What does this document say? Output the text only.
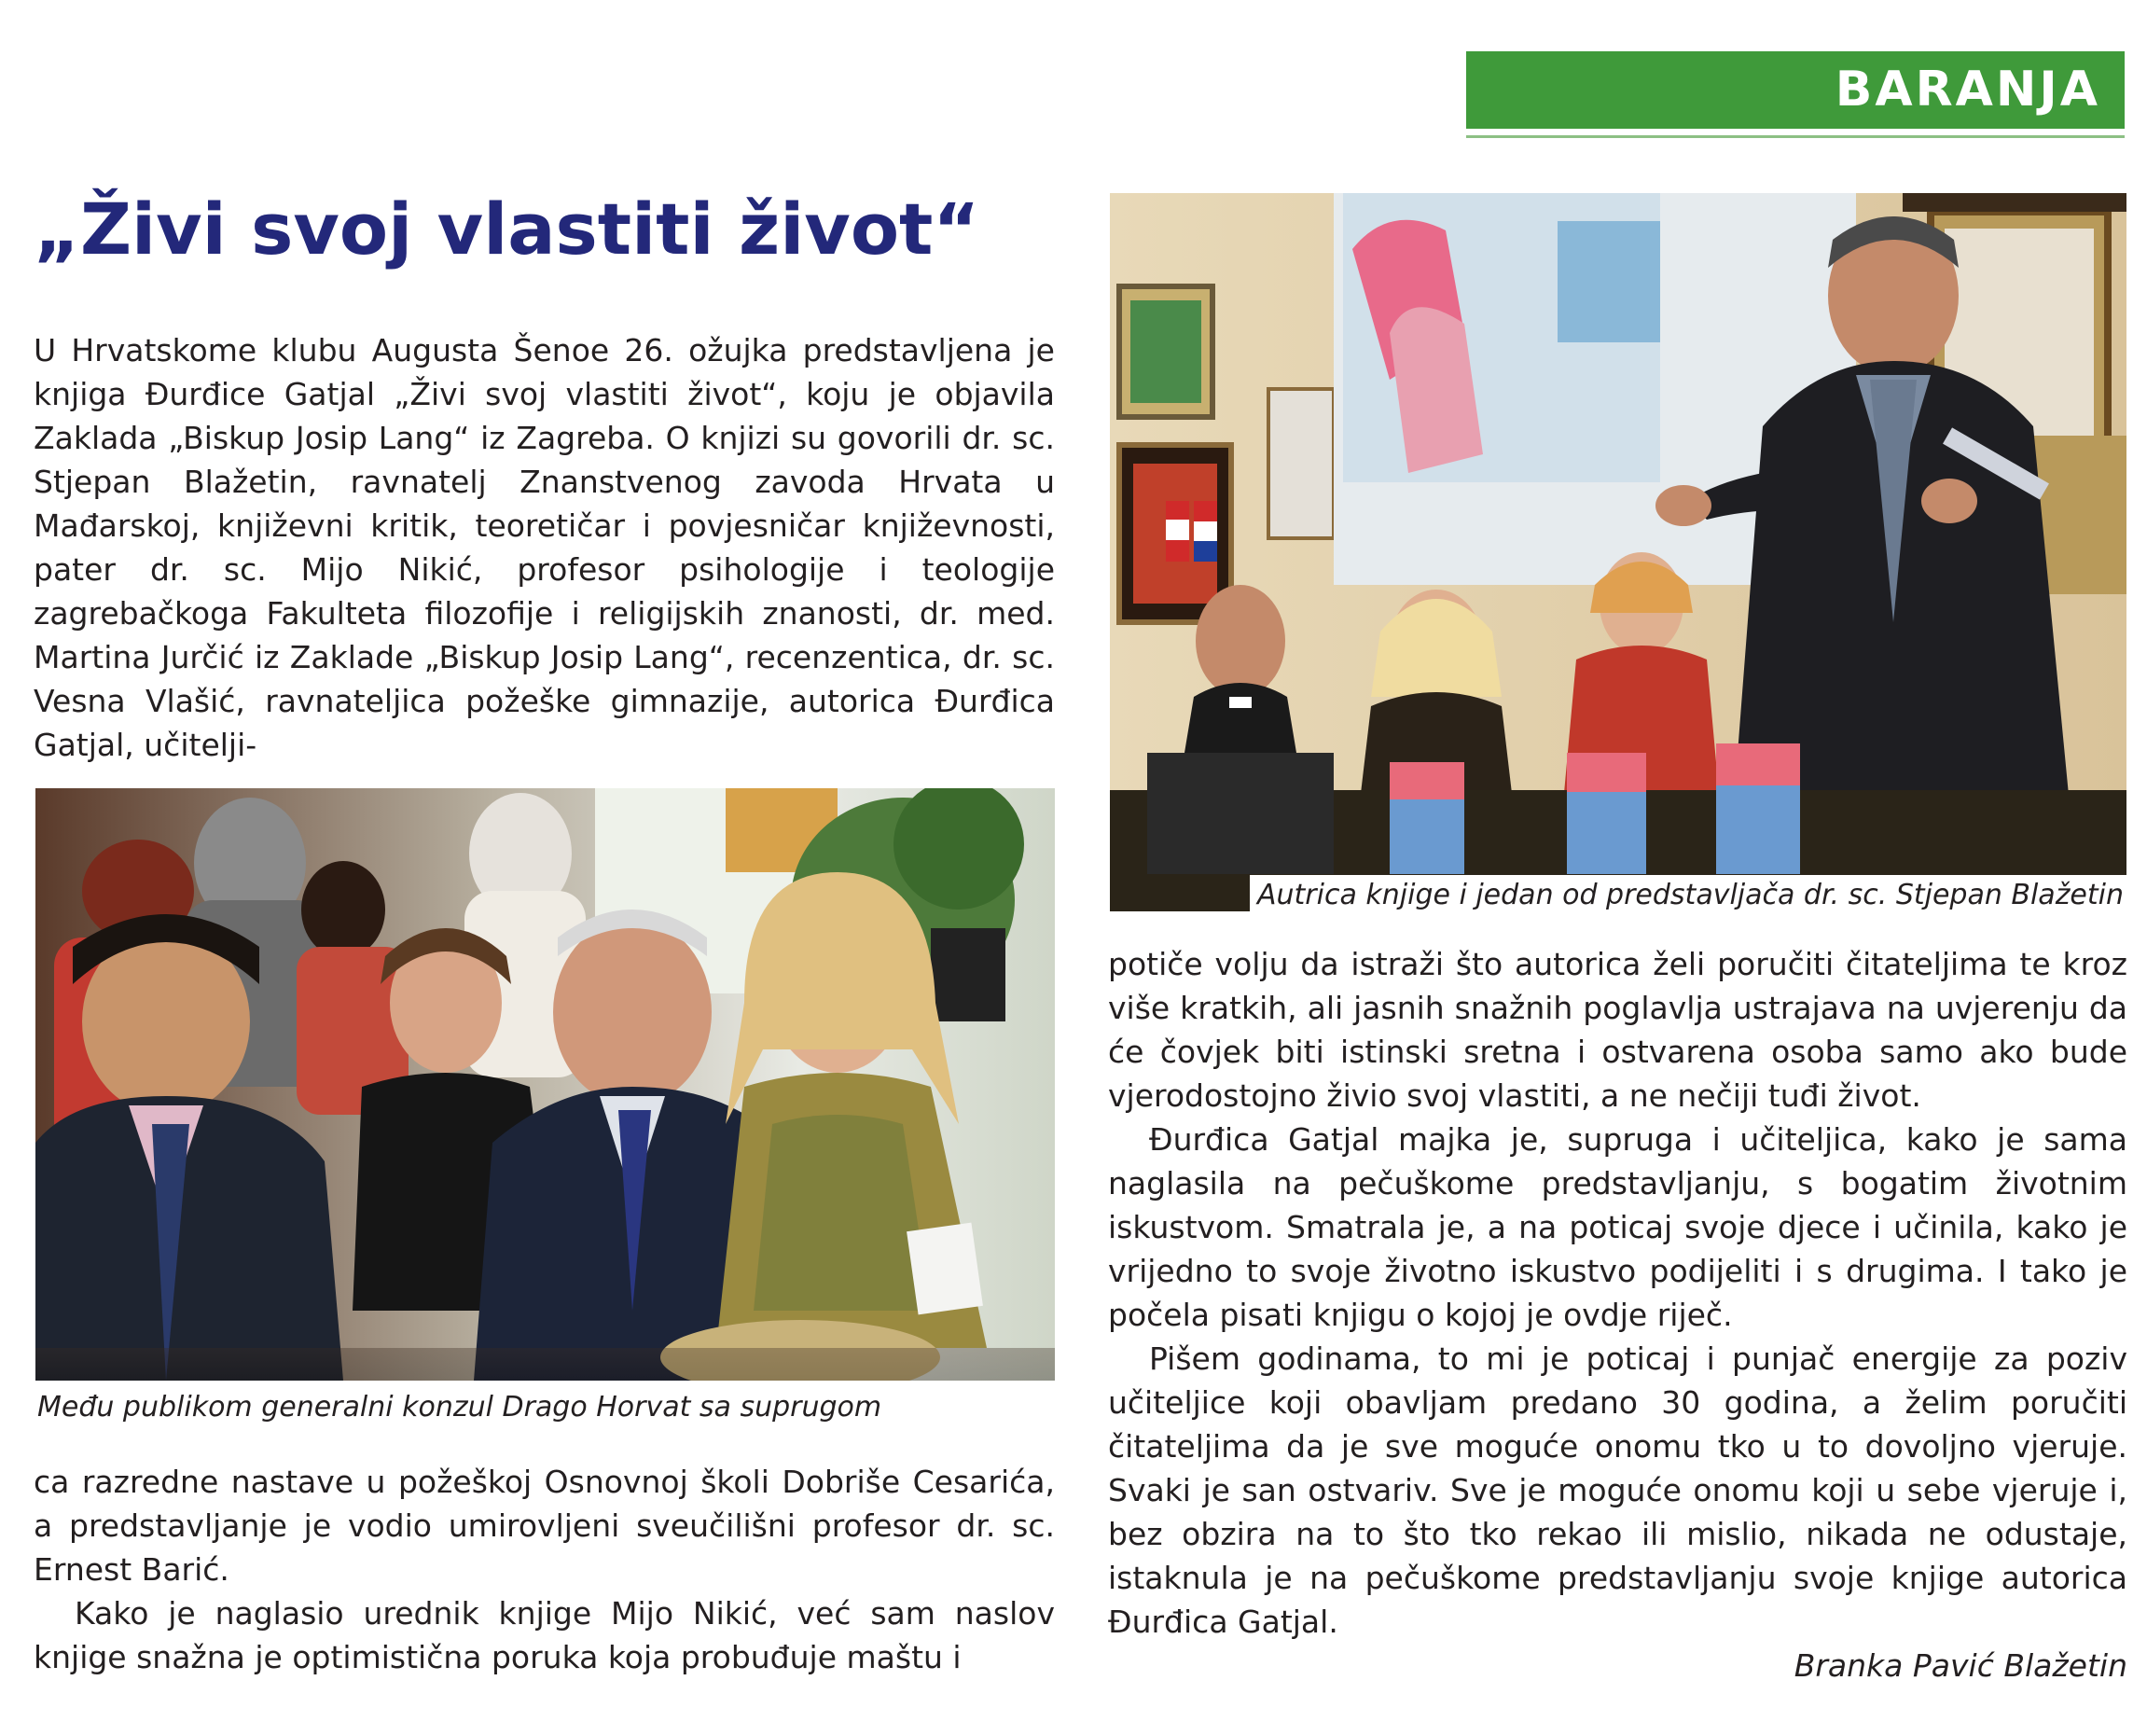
BARANJA
„Živi svoj vlastiti život“

U Hrvatskome klubu Augusta Šenoe 26. ožujka predstavljena je knjiga Đurđice Gatjal „Živi svoj vlastiti život“, koju je objavila Zaklada „Biskup Josip Lang“ iz Zagreba. O knjizi su govorili dr. sc. Stjepan Blažetin, ravnatelj Znanstvenog zavoda Hrvata u Mađarskoj, književni kritik, teoretičar i povjesničar književnosti, pater dr. sc. Mijo Nikić, profesor psihologije i teologije zagrebačkoga Fakulteta filozofije i religijskih znanosti, dr. med. Martina Jurčić iz Zaklade „Biskup Josip Lang“, recenzentica, dr. sc. Vesna Vlašić, ravnateljica požeške gimnazije, autorica Đurđica Gatjal, učitelji-

Među publikom generalni konzul Drago Horvat sa suprugom

ca razredne nastave u požeškoj Osnovnoj školi Dobriše Cesarića, a predstavljanje je vodio umirovljeni sveučilišni profesor dr. sc. Ernest Barić.

Kako je naglasio urednik knjige Mijo Nikić, već sam naslov knjige snažna je optimistična poruka koja probuđuje maštu i

Autrica knjige i jedan od predstavljača dr. sc. Stjepan Blažetin

potiče volju da istraži što autorica želi poručiti čitateljima te kroz više kratkih, ali jasnih snažnih poglavlja ustrajava na uvjerenju da će čovjek biti istinski sretna i ostvarena osoba samo ako bude vjerodostojno živio svoj vlastiti, a ne nečiji tuđi život.

Đurđica Gatjal majka je, supruga i učiteljica, kako je sama naglasila na pečuškome predstavljanju, s bogatim životnim iskustvom. Smatrala je, a na poticaj svoje djece i učinila, kako je vrijedno to svoje životno iskustvo podijeliti i s drugima. I tako je počela pisati knjigu o kojoj je ovdje riječ.

Pišem godinama, to mi je poticaj i punjač energije za poziv učiteljice koji obavljam predano 30 godina, a želim poručiti čitateljima da je sve moguće onomu tko u to dovoljno vjeruje. Svaki je san ostvariv. Sve je moguće onomu koji u sebe vjeruje i, bez obzira na to što tko rekao ili mislio, nikada ne odustaje, istaknula je na pečuškome predstavljanju svoje knjige autorica Đurđica Gatjal.

Branka Pavić Blažetin
